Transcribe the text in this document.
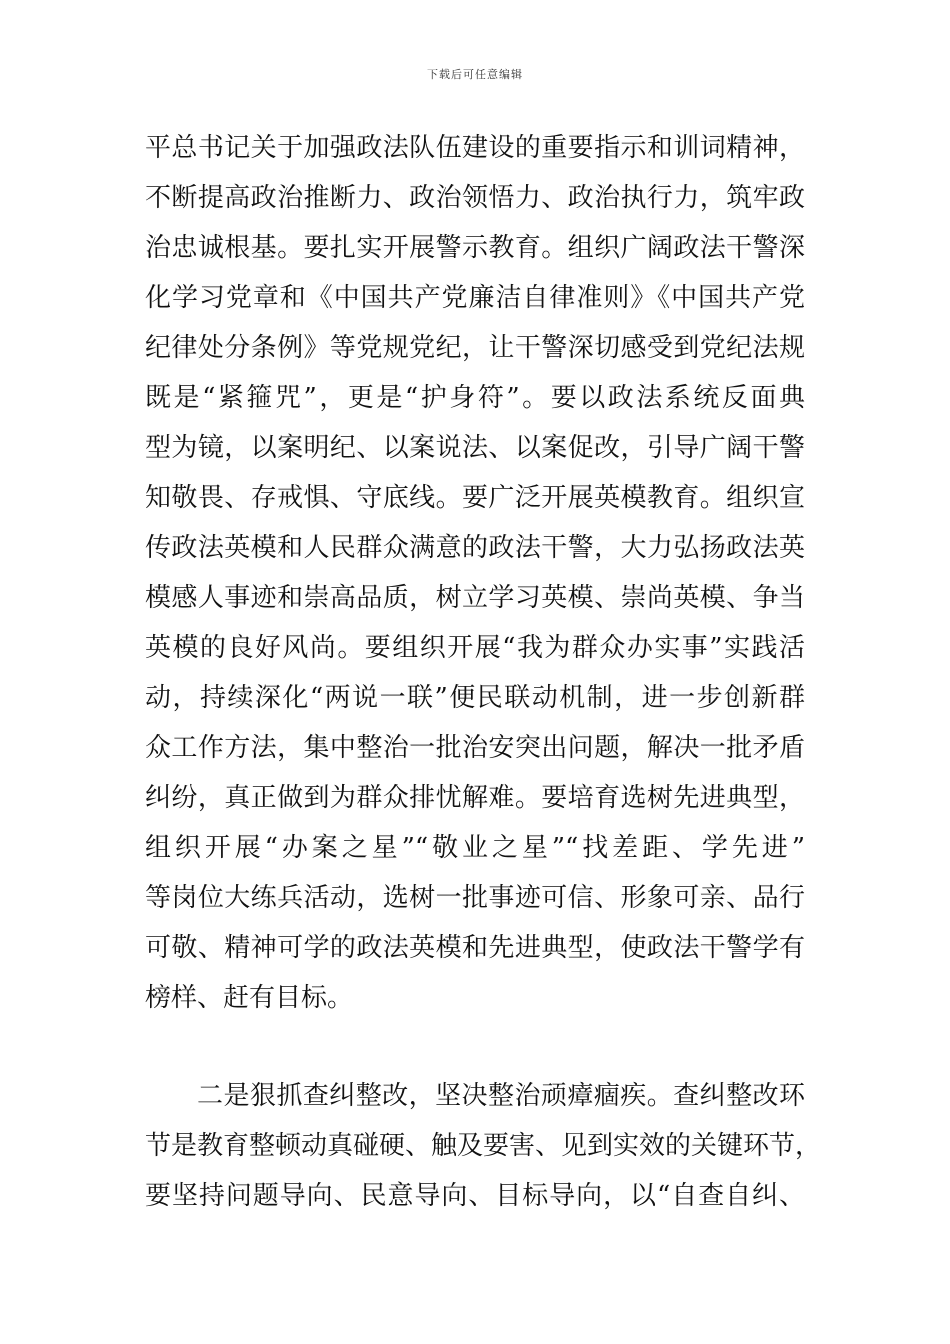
下载后可任意编辑
平总书记关于加强政法队伍建设的重要指示和训词精神，
不断提高政治推断力、政治领悟力、政治执行力，筑牢政
治忠诚根基。要扎实开展警示教育。组织广阔政法干警深
化学习党章和《中国共产党廉洁自律准则》《中国共产党
纪律处分条例》等党规党纪，让干警深切感受到党纪法规
既是“紧箍咒”，更是“护身符”。要以政法系统反面典
型为镜，以案明纪、以案说法、以案促改，引导广阔干警
知敬畏、存戒惧、守底线。要广泛开展英模教育。组织宣
传政法英模和人民群众满意的政法干警，大力弘扬政法英
模感人事迹和崇高品质，树立学习英模、崇尚英模、争当
英模的良好风尚。要组织开展“我为群众办实事”实践活
动，持续深化“两说一联”便民联动机制，进一步创新群
众工作方法，集中整治一批治安突出问题，解决一批矛盾
纠纷，真正做到为群众排忧解难。要培育选树先进典型，
组织开展“办案之星”“敬业之星”“找差距、学先进”
等岗位大练兵活动，选树一批事迹可信、形象可亲、品行
可敬、精神可学的政法英模和先进典型，使政法干警学有
榜样、赶有目标。
二是狠抓查纠整改，坚决整治顽瘴痼疾。查纠整改环
节是教育整顿动真碰硬、触及要害、见到实效的关键环节，
要坚持问题导向、民意导向、目标导向，以“自查自纠、
